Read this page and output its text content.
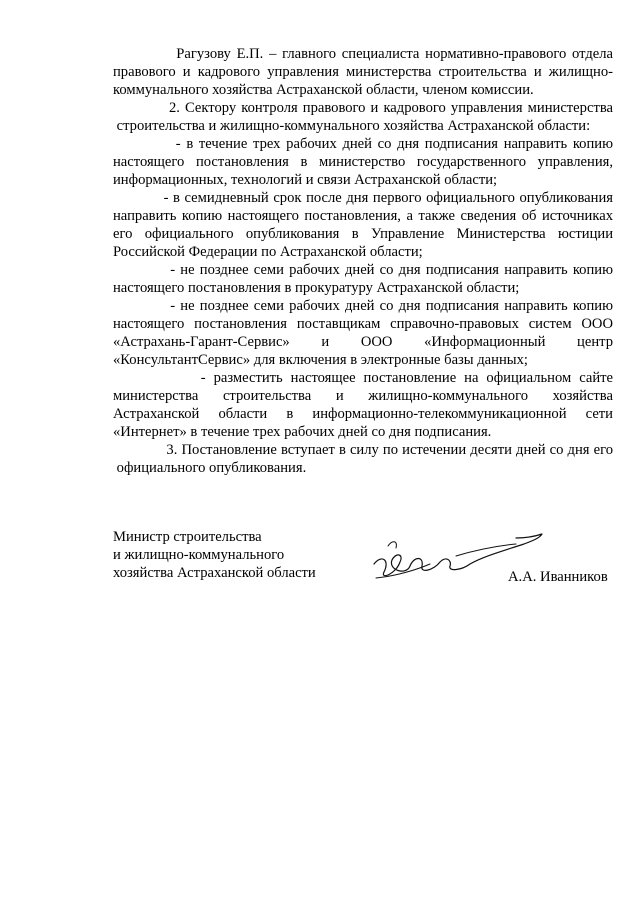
Рагузову Е.П. – главного специалиста нормативно-правового отдела
правового и кадрового управления министерства строительства и жилищно-
коммунального хозяйства Астраханской области, членом комиссии.
2. Сектору контроля правового и кадрового управления министерства
строительства и жилищно-коммунального хозяйства Астраханской области:
- в течение трех рабочих дней со дня подписания направить копию
настоящего постановления в министерство государственного управления,
информационных, технологий и связи Астраханской области;
- в семидневный срок после дня первого официального опубликования
направить копию настоящего постановления, а также сведения об источниках
его официального опубликования в Управление Министерства юстиции
Российской Федерации по Астраханской области;
- не позднее семи рабочих дней со дня подписания направить копию
настоящего постановления в прокуратуру Астраханской области;
- не позднее семи рабочих дней со дня подписания направить копию
настоящего постановления поставщикам справочно-правовых систем ООО
«Астрахань-Гарант-Сервис» и ООО «Информационный центр
«КонсультантСервис» для включения в электронные базы данных;
- разместить настоящее постановление на официальном сайте
министерства строительства и жилищно-коммунального хозяйства
Астраханской области в информационно-телекоммуникационной сети
«Интернет» в течение трех рабочих дней со дня подписания.
3. Постановление вступает в силу по истечении десяти дней со дня его
официального опубликования.
Министр строительства
и жилищно-коммунального
хозяйства Астраханской области	А.А. Иванников
